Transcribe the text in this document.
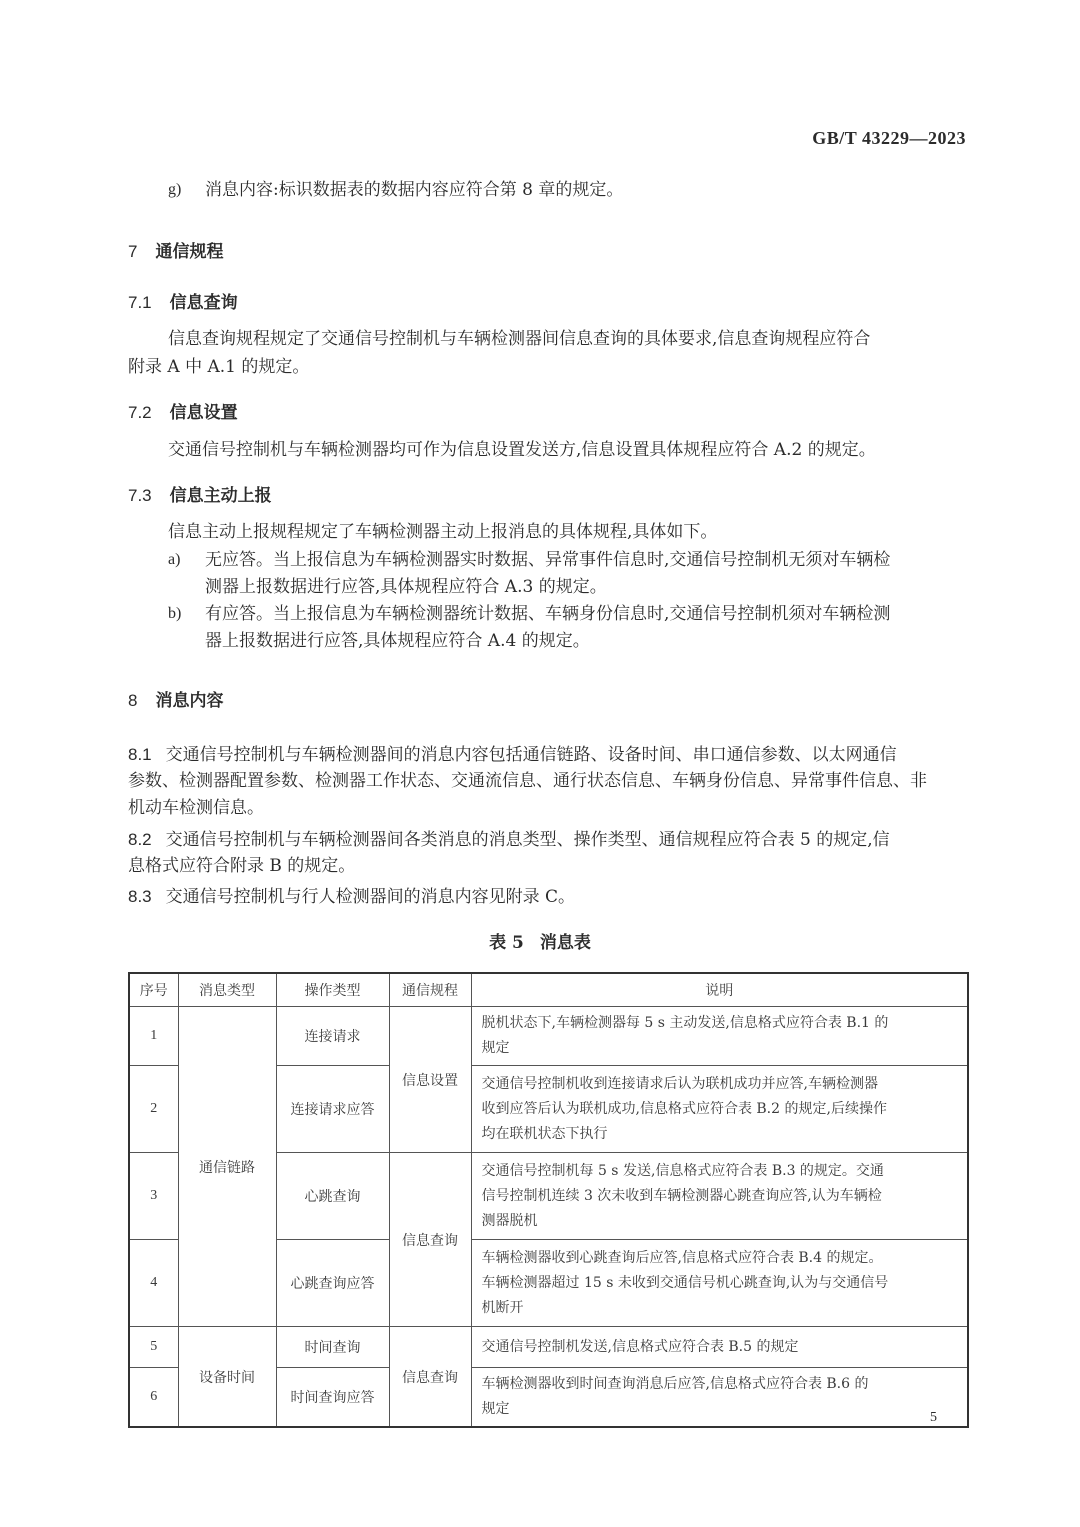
GB/T 43229—2023
g) 消息内容:标识数据表的数据内容应符合第 8 章的规定。

7 通信规程
7.1 信息查询

信息查询规程规定了交通信号控制机与车辆检测器间信息查询的具体要求,信息查询规程应符合

附录 A 中 A.1 的规定。

7.2 信息设置

交通信号控制机与车辆检测器均可作为信息设置发送方,信息设置具体规程应符合 A.2 的规定。

7.3 信息主动上报

信息主动上报规程规定了车辆检测器主动上报消息的具体规程,具体如下。

a) 无应答。当上报信息为车辆检测器实时数据、异常事件信息时,交通信号控制机无须对车辆检

测器上报数据进行应答,具体规程应符合 A.3 的规定。

b) 有应答。当上报信息为车辆检测器统计数据、车辆身份信息时,交通信号控制机须对车辆检测

器上报数据进行应答,具体规程应符合 A.4 的规定。

8 消息内容

8.1 交通信号控制机与车辆检测器间的消息内容包括通信链路、设备时间、串口通信参数、以太网通信

参数、检测器配置参数、检测器工作状态、交通流信息、通行状态信息、车辆身份信息、异常事件信息、非

机动车检测信息。

8.2 交通信号控制机与车辆检测器间各类消息的消息类型、操作类型、通信规程应符合表 5 的规定,信

息格式应符合附录 B 的规定。

8.3 交通信号控制机与行人检测器间的消息内容见附录 C。

表 5 消息表
序号	消息类型	操作类型	通信规程	说明
1	通信链路	连接请求	信息设置	脱机状态下,车辆检测器每 5 s 主动发送,信息格式应符合表 B.1 的
规定

2		连接请求应答		交通信号控制机收到连接请求后认为联机成功并应答,车辆检测器
收到应答后认为联机成功,信息格式应符合表 B.2 的规定,后续操作
均在联机状态下执行

3		心跳查询	信息查询	交通信号控制机每 5 s 发送,信息格式应符合表 B.3 的规定。交通
信号控制机连续 3 次未收到车辆检测器心跳查询应答,认为车辆检
测器脱机

4		心跳查询应答		车辆检测器收到心跳查询后应答,信息格式应符合表 B.4 的规定。
车辆检测器超过 15 s 未收到交通信号机心跳查询,认为与交通信号
机断开

5	设备时间	时间查询	信息查询	交通信号控制机发送,信息格式应符合表 B.5 的规定

6		时间查询应答		车辆检测器收到时间查询消息后应答,信息格式应符合表 B.6 的
规定
5
